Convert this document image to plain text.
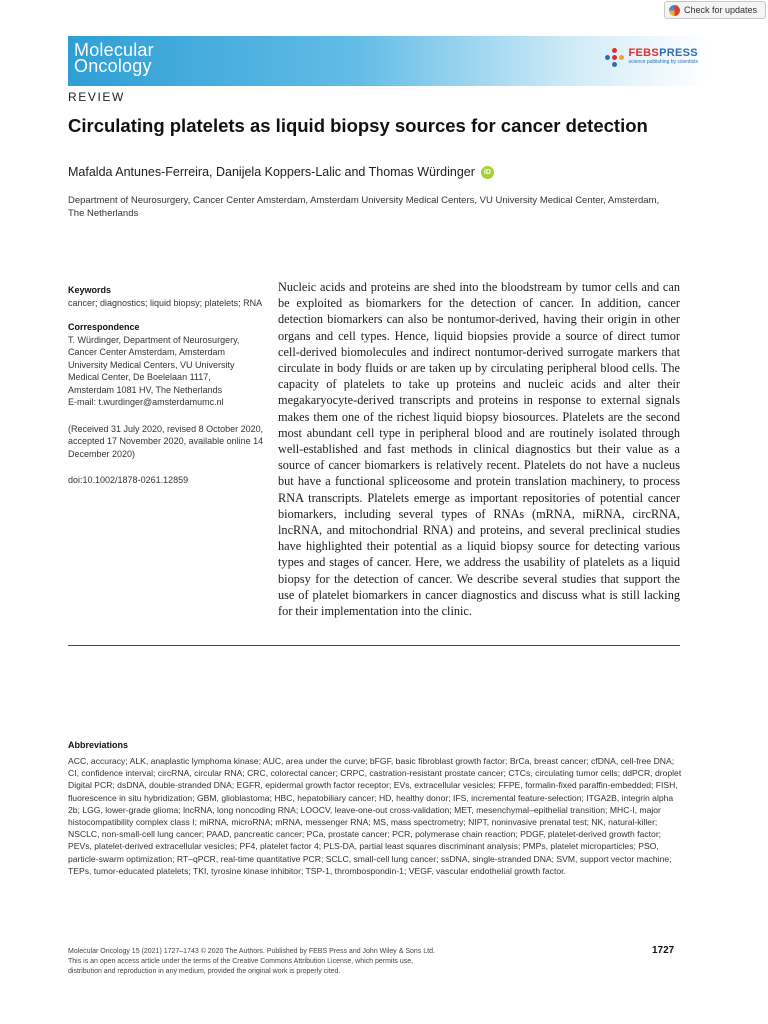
Check for updates
Molecular
Oncology
FEBSPRESS
science publishing by scientists
REVIEW
Circulating platelets as liquid biopsy sources for cancer detection
Mafalda Antunes-Ferreira, Danijela Koppers-Lalic and Thomas Würdinger	iD

Department of Neurosurgery, Cancer Center Amsterdam, Amsterdam University Medical Centers, VU University Medical Center, Amsterdam, The Netherlands

Keywords

cancer; diagnostics; liquid biopsy; platelets; RNA

Correspondence

T. Würdinger, Department of Neurosurgery,

Cancer Center Amsterdam, Amsterdam

University Medical Centers, VU University

Medical Center, De Boelelaan 1117,

Amsterdam 1081 HV, The Netherlands

E-mail: t.wurdinger@amsterdamumc.nl

(Received 31 July 2020, revised 8 October 2020, accepted 17 November 2020, available online 14 December 2020)

doi:10.1002/1878-0261.12859

Nucleic acids and proteins are shed into the bloodstream by tumor cells and can be exploited as biomarkers for the detection of cancer. In addition, cancer detection biomarkers can also be nontumor-derived, having their origin in other organs and cell types. Hence, liquid biopsies provide a source of direct tumor cell-derived biomolecules and indirect nontumor-derived surrogate markers that circulate in body fluids or are taken up by circulating peripheral blood cells. The capacity of platelets to take up proteins and nucleic acids and alter their megakaryocyte-derived transcripts and proteins in response to external signals makes them one of the richest liquid biopsy biosources. Platelets are the second most abundant cell type in peripheral blood and are routinely isolated through well-established and fast methods in clinical diagnostics but their value as a source of cancer biomarkers is relatively recent. Platelets do not have a nucleus but have a functional spliceosome and protein translation machinery, to process RNA transcripts. Platelets emerge as important repositories of potential cancer biomarkers, including several types of RNAs (mRNA, miRNA, circRNA, lncRNA, and mitochondrial RNA) and proteins, and several preclinical studies have highlighted their potential as a liquid biopsy source for detecting various types and stages of cancer. Here, we address the usability of platelets as a liquid biopsy for the detection of cancer. We describe several studies that support the use of platelet biomarkers in cancer diagnostics and discuss what is still lacking for their implementation into the clinic.

Abbreviations

ACC, accuracy; ALK, anaplastic lymphoma kinase; AUC, area under the curve; bFGF, basic fibroblast growth factor; BrCa, breast cancer; cfDNA, cell-free DNA; CI, confidence interval; circRNA, circular RNA; CRC, colorectal cancer; CRPC, castration-resistant prostate cancer; CTCs, circulating tumor cells; ddPCR, droplet Digital PCR; dsDNA, double-stranded DNA; EGFR, epidermal growth factor receptor; EVs, extracellular vesicles; FFPE, formalin-fixed paraffin-embedded; FISH, fluorescence in situ hybridization; GBM, glioblastoma; HBC, hepatobiliary cancer; HD, healthy donor; IFS, incremental feature-selection; ITGA2B, integrin alpha 2b; LGG, lower-grade glioma; lncRNA, long noncoding RNA; LOOCV, leave-one-out cross-validation; MET, mesenchymal–epithelial transition; MHC-I, major histocompatibility complex class I; miRNA, microRNA; mRNA, messenger RNA; MS, mass spectrometry; NIPT, noninvasive prenatal test; NK, natural-killer; NSCLC, non-small-cell lung cancer; PAAD, pancreatic cancer; PCa, prostate cancer; PCR, polymerase chain reaction; PDGF, platelet-derived growth factor; PEVs, platelet-derived extracellular vesicles; PF4, platelet factor 4; PLS-DA, partial least squares discriminant analysis; PMPs, platelet microparticles; PSO, particle-swarm optimization; RT–qPCR, real-time quantitative PCR; SCLC, small-cell lung cancer; ssDNA, single-stranded DNA; SVM, support vector machine; TEPs, tumor-educated platelets; TKI, tyrosine kinase inhibitor; TSP-1, thrombospondin-1; VEGF, vascular endothelial growth factor.

Molecular Oncology 15 (2021) 1727–1743 © 2020 The Authors. Published by FEBS Press and John Wiley & Sons Ltd.

This is an open access article under the terms of the Creative Commons Attribution License, which permits use,

distribution and reproduction in any medium, provided the original work is properly cited.

1727
